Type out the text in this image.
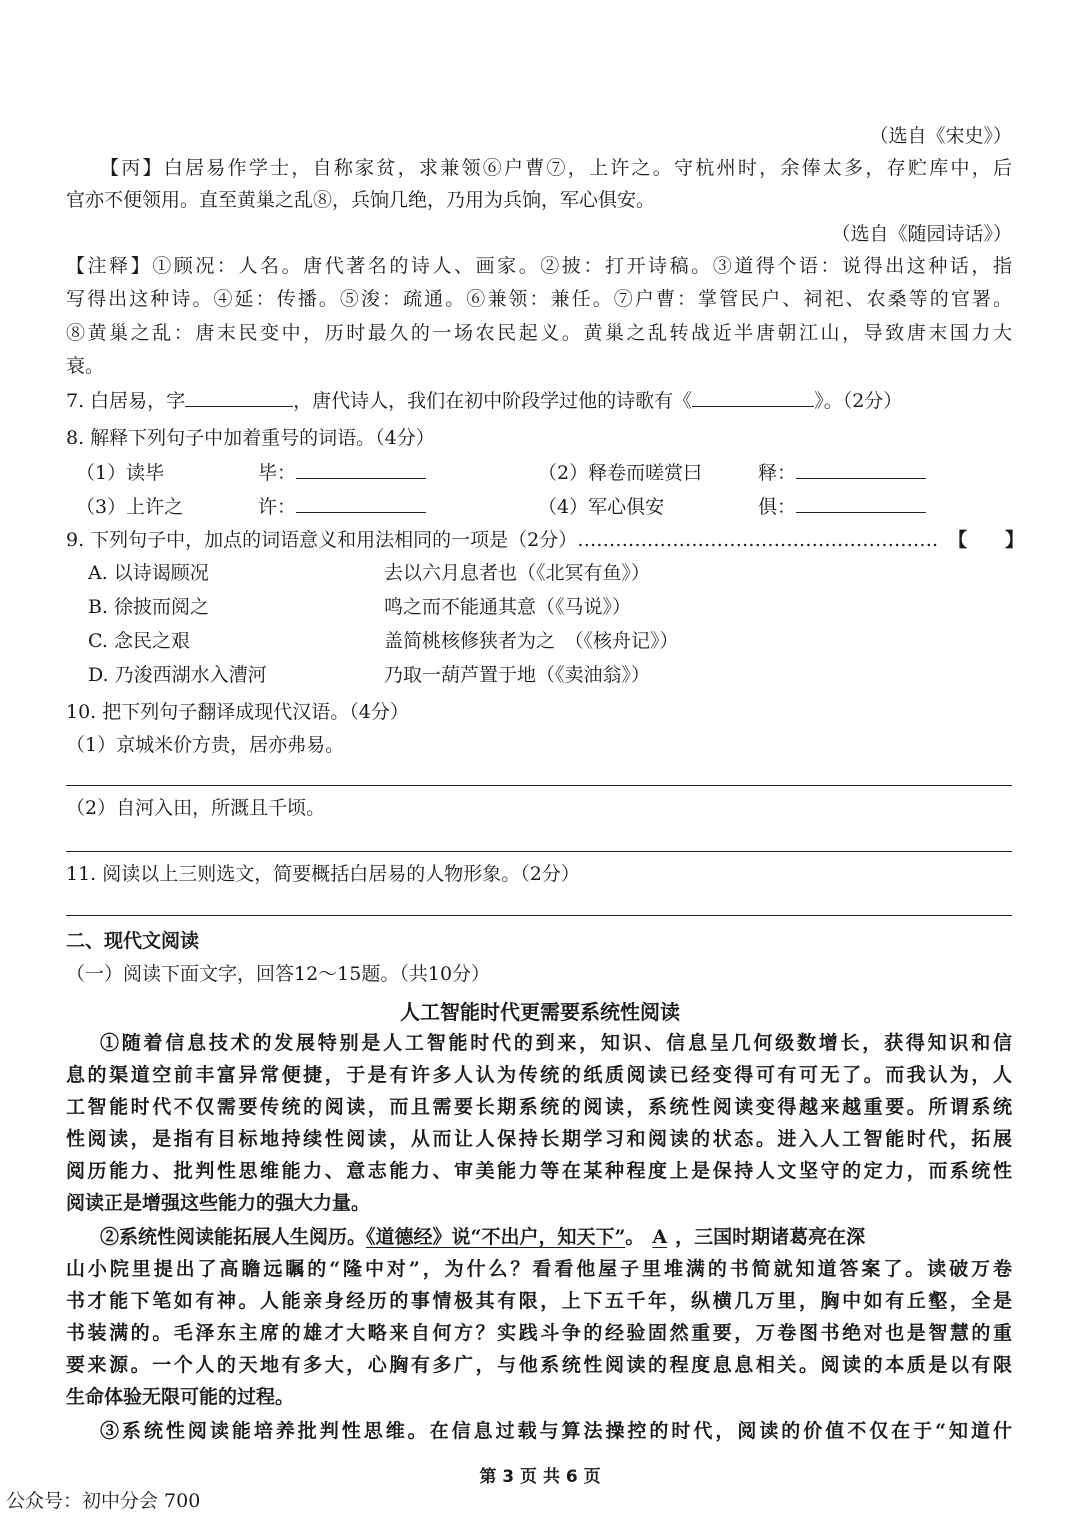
（选自《宋史》）
【丙】白居易作学士，自称家贫，求兼领⑥户曹⑦，上许之。守杭州时，余俸太多，存贮库中，后
官亦不便领用。直至黄巢之乱⑧，兵饷几绝，乃用为兵饷，军心俱安。
（选自《随园诗话》）
【注释】①顾况：人名。唐代著名的诗人、画家。②披：打开诗稿。③道得个语：说得出这种话，指
写得出这种诗。④延：传播。⑤浚：疏通。⑥兼领：兼任。⑦户曹：掌管民户、祠祀、农桑等的官署。
⑧黄巢之乱：唐末民变中，历时最久的一场农民起义。黄巢之乱转战近半唐朝江山，导致唐末国力大
衰。
7. 白居易，字	，唐代诗人，我们在初中阶段学过他的诗歌有《	》。（2分）
8. 解释下列句子中加着重号的词语。（4分）
（1）读毕	毕：	（2）释卷而嗟赏曰	释：
（3）上许之	许：	（4）军心俱安	俱：
9. 下列句子中，加点的词语意义和用法相同的一项是（2分）………………………………………………… 【　　】
A. 以诗谒顾况	去以六月息者也（《北冥有鱼》）
B. 徐披而阅之	鸣之而不能通其意（《马说》）
C. 念民之艰	盖简桃核修狭者为之　（《核舟记》）
D. 乃浚西湖水入漕河	乃取一葫芦置于地（《卖油翁》）
10. 把下列句子翻译成现代汉语。（4分）
（1）京城米价方贵，居亦弗易。
（2）自河入田，所溉且千顷。
11. 阅读以上三则选文，简要概括白居易的人物形象。（2分）
二、现代文阅读
（一）阅读下面文字，回答12～15题。（共10分）
人工智能时代更需要系统性阅读
①随着信息技术的发展特别是人工智能时代的到来，知识、信息呈几何级数增长，获得知识和信
息的渠道空前丰富异常便捷，于是有许多人认为传统的纸质阅读已经变得可有可无了。而我认为，人
工智能时代不仅需要传统的阅读，而且需要长期系统的阅读，系统性阅读变得越来越重要。所谓系统
性阅读，是指有目标地持续性阅读，从而让人保持长期学习和阅读的状态。进入人工智能时代，拓展
阅历能力、批判性思维能力、意志能力、审美能力等在某种程度上是保持人文坚守的定力，而系统性
阅读正是增强这些能力的强大力量。
②系统性阅读能拓展人生阅历。《道德经》说“不出户，知天下”。 A ，三国时期诸葛亮在深
山小院里提出了高瞻远瞩的“隆中对”，为什么？看看他屋子里堆满的书简就知道答案了。读破万卷
书才能下笔如有神。人能亲身经历的事情极其有限，上下五千年，纵横几万里，胸中如有丘壑，全是
书装满的。毛泽东主席的雄才大略来自何方？实践斗争的经验固然重要，万卷图书绝对也是智慧的重
要来源。一个人的天地有多大，心胸有多广，与他系统性阅读的程度息息相关。阅读的本质是以有限
生命体验无限可能的过程。
③系统性阅读能培养批判性思维。在信息过载与算法操控的时代，阅读的价值不仅在于“知道什
第 3 页 共 6 页
公众号：初中分会 700
